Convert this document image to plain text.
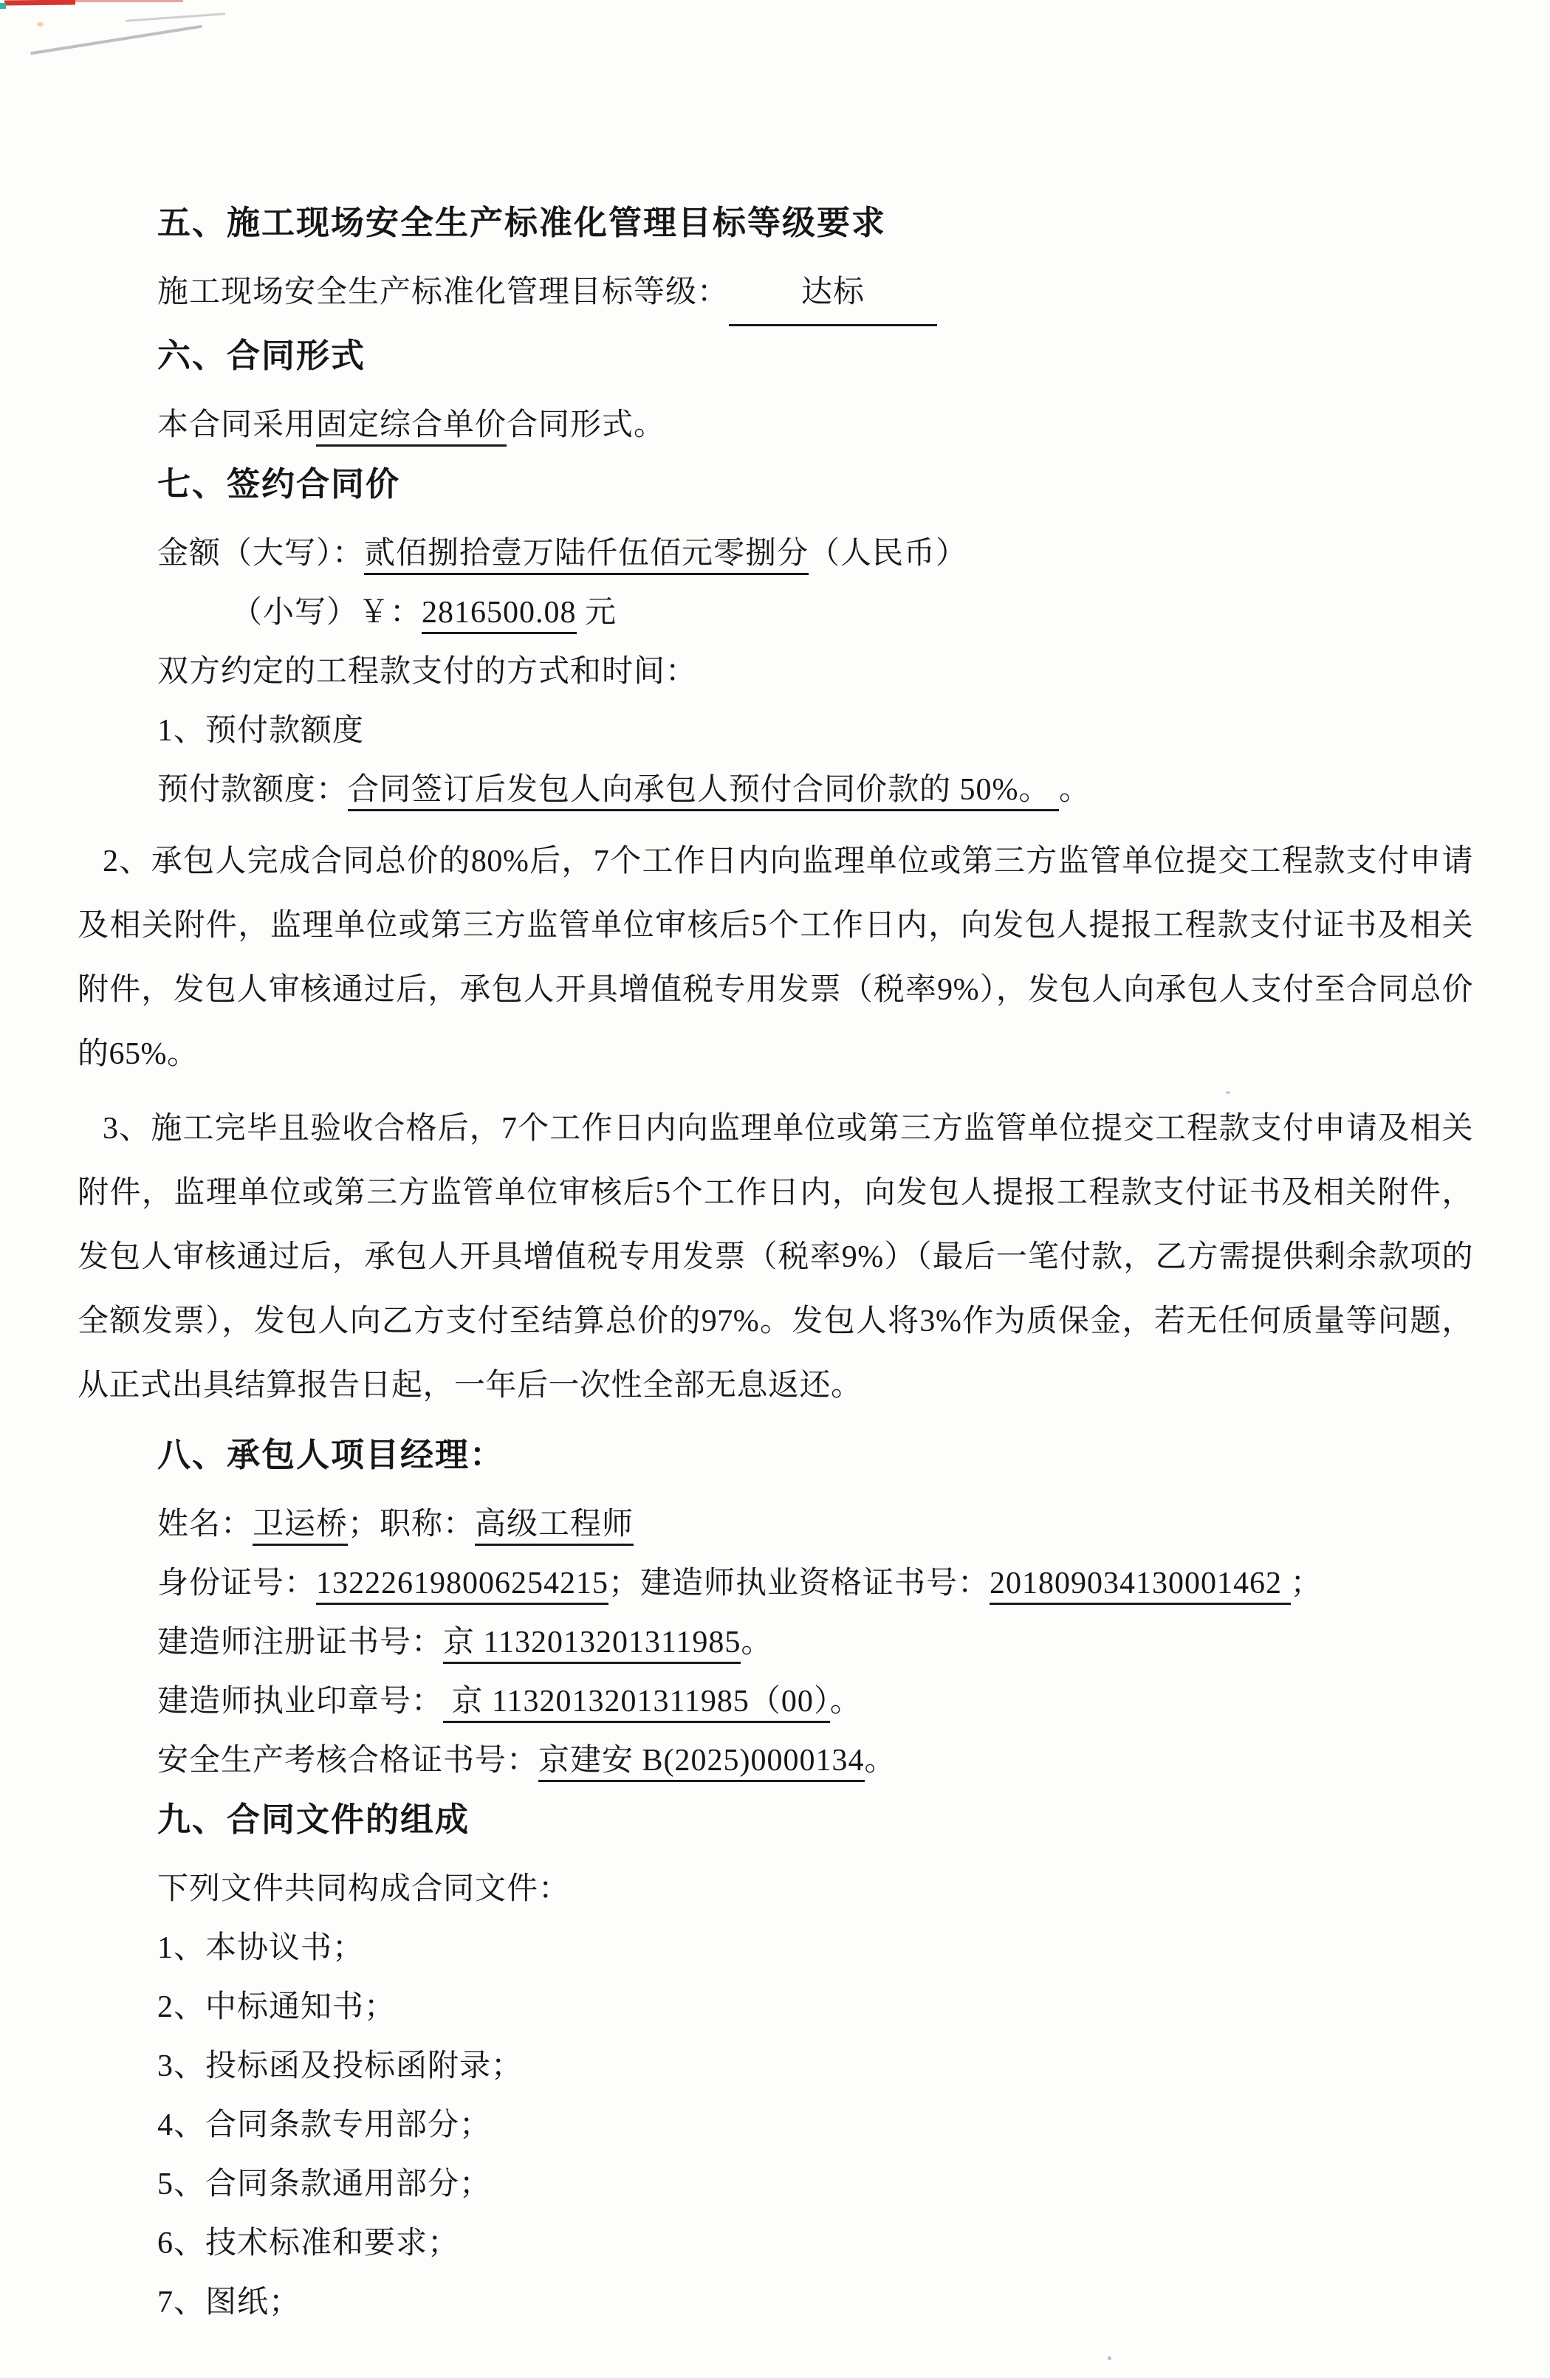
五、施工现场安全生产标准化管理目标等级要求

施工现场安全生产标准化管理目标等级： 达标

六、合同形式

本合同采用固定综合单价合同形式。

七、签约合同价

金额（大写）：贰佰捌拾壹万陆仟伍佰元零捌分（人民币）

（小写）￥：2816500.08 元

双方约定的工程款支付的方式和时间：

1、预付款额度

预付款额度：合同签订后发包人向承包人预付合同价款的 50%。 。

2、承包人完成合同总价的80%后，7个工作日内向监理单位或第三方监管单位提交工程款支付申请及相关附件，监理单位或第三方监管单位审核后5个工作日内，向发包人提报工程款支付证书及相关附件，发包人审核通过后，承包人开具增值税专用发票（税率9%），发包人向承包人支付至合同总价的65%。

3、施工完毕且验收合格后，7个工作日内向监理单位或第三方监管单位提交工程款支付申请及相关附件，监理单位或第三方监管单位审核后5个工作日内，向发包人提报工程款支付证书及相关附件，发包人审核通过后，承包人开具增值税专用发票（税率9%）（最后一笔付款，乙方需提供剩余款项的全额发票），发包人向乙方支付至结算总价的97%。发包人将3%作为质保金，若无任何质量等问题，从正式出具结算报告日起，一年后一次性全部无息返还。

八、承包人项目经理：

姓名：卫运桥；职称：高级工程师

身份证号：132226198006254215；建造师执业资格证书号：201809034130001462 ；

建造师注册证书号：京 1132013201311985。

建造师执业印章号： 京 1132013201311985（00）。

安全生产考核合格证书号：京建安 B(2025)0000134。

九、合同文件的组成

下列文件共同构成合同文件：

1、本协议书；

2、中标通知书；

3、投标函及投标函附录；

4、合同条款专用部分；

5、合同条款通用部分；

6、技术标准和要求；

7、图纸；
